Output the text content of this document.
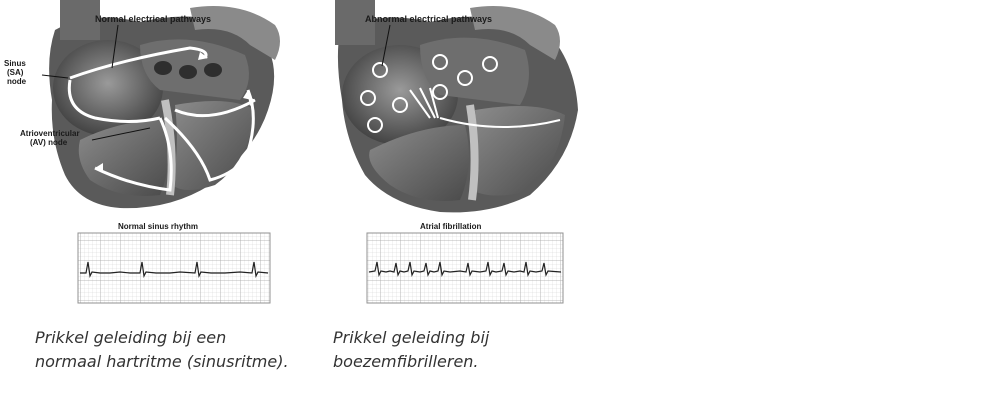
Normal electrical pathways
Sinus
(SA)
node
Atrioventricular
(AV) node
Normal sinus rhythm
Prikkel geleiding bij een normaal hartritme (sinusritme).
Abnormal electrical pathways
Atrial fibrillation
Prikkel geleiding bij boezemfibrilleren.
